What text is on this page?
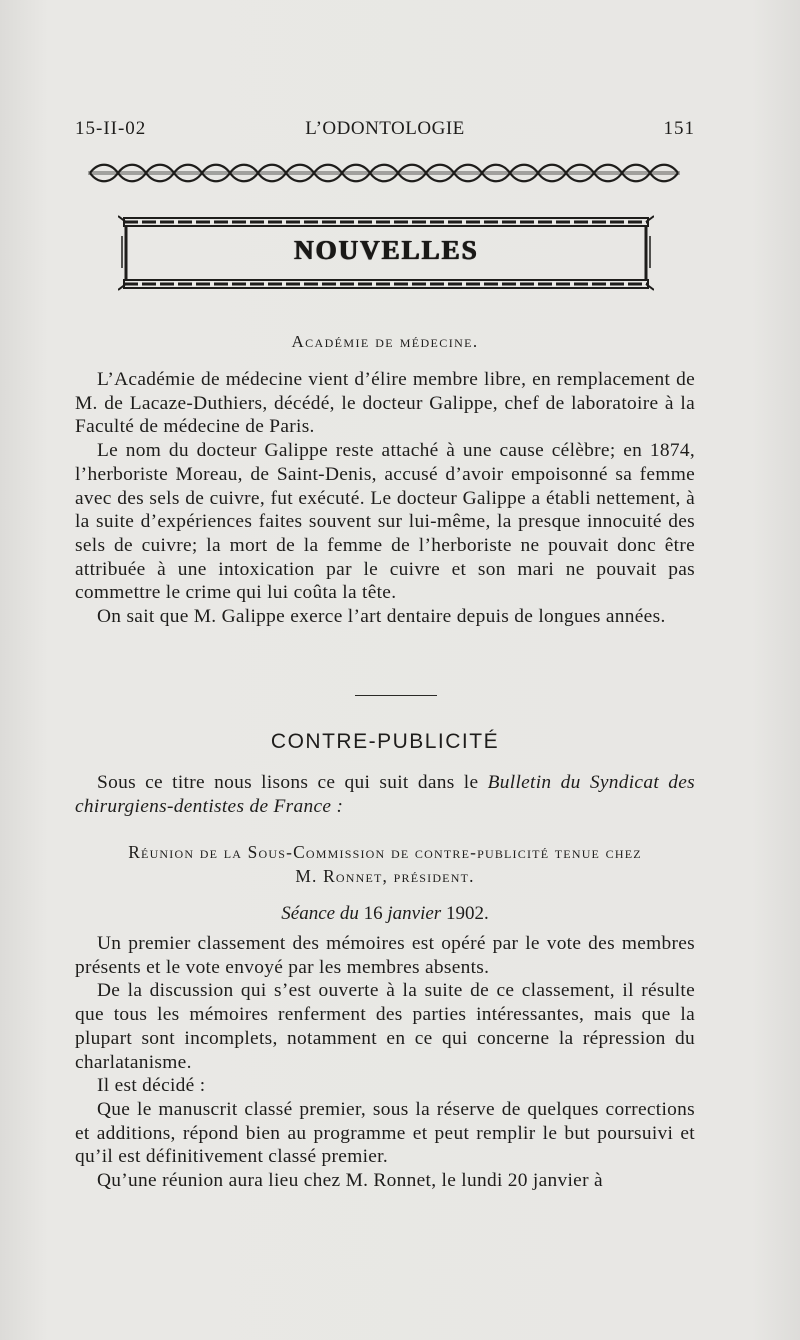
15-II-02	L’ODONTOLOGIE	151
NOUVELLES
Académie de médecine.

L’Académie de médecine vient d’élire membre libre, en remplacement de M. de Lacaze-Duthiers, décédé, le docteur Galippe, chef de laboratoire à la Faculté de médecine de Paris.

Le nom du docteur Galippe reste attaché à une cause célèbre; en 1874, l’herboriste Moreau, de Saint-Denis, accusé d’avoir empoisonné sa femme avec des sels de cuivre, fut exécuté. Le docteur Galippe a établi nettement, à la suite d’expériences faites souvent sur lui-même, la presque innocuité des sels de cuivre; la mort de la femme de l’herboriste ne pouvait donc être attribuée à une intoxication par le cuivre et son mari ne pouvait pas commettre le crime qui lui coûta la tête.

On sait que M. Galippe exerce l’art dentaire depuis de longues années.

CONTRE-PUBLICITÉ

Sous ce titre nous lisons ce qui suit dans le Bulletin du Syndicat des chirurgiens-dentistes de France :

Réunion de la Sous-Commission de contre-publicité tenue chez
M. Ronnet, président.
Séance du 16 janvier 1902.

Un premier classement des mémoires est opéré par le vote des membres présents et le vote envoyé par les membres absents.

De la discussion qui s’est ouverte à la suite de ce classement, il résulte que tous les mémoires renferment des parties intéressantes, mais que la plupart sont incomplets, notamment en ce qui concerne la répression du charlatanisme.

Il est décidé :

Que le manuscrit classé premier, sous la réserve de quelques corrections et additions, répond bien au programme et peut remplir le but poursuivi et qu’il est définitivement classé premier.

Qu’une réunion aura lieu chez M. Ronnet, le lundi 20 janvier à
